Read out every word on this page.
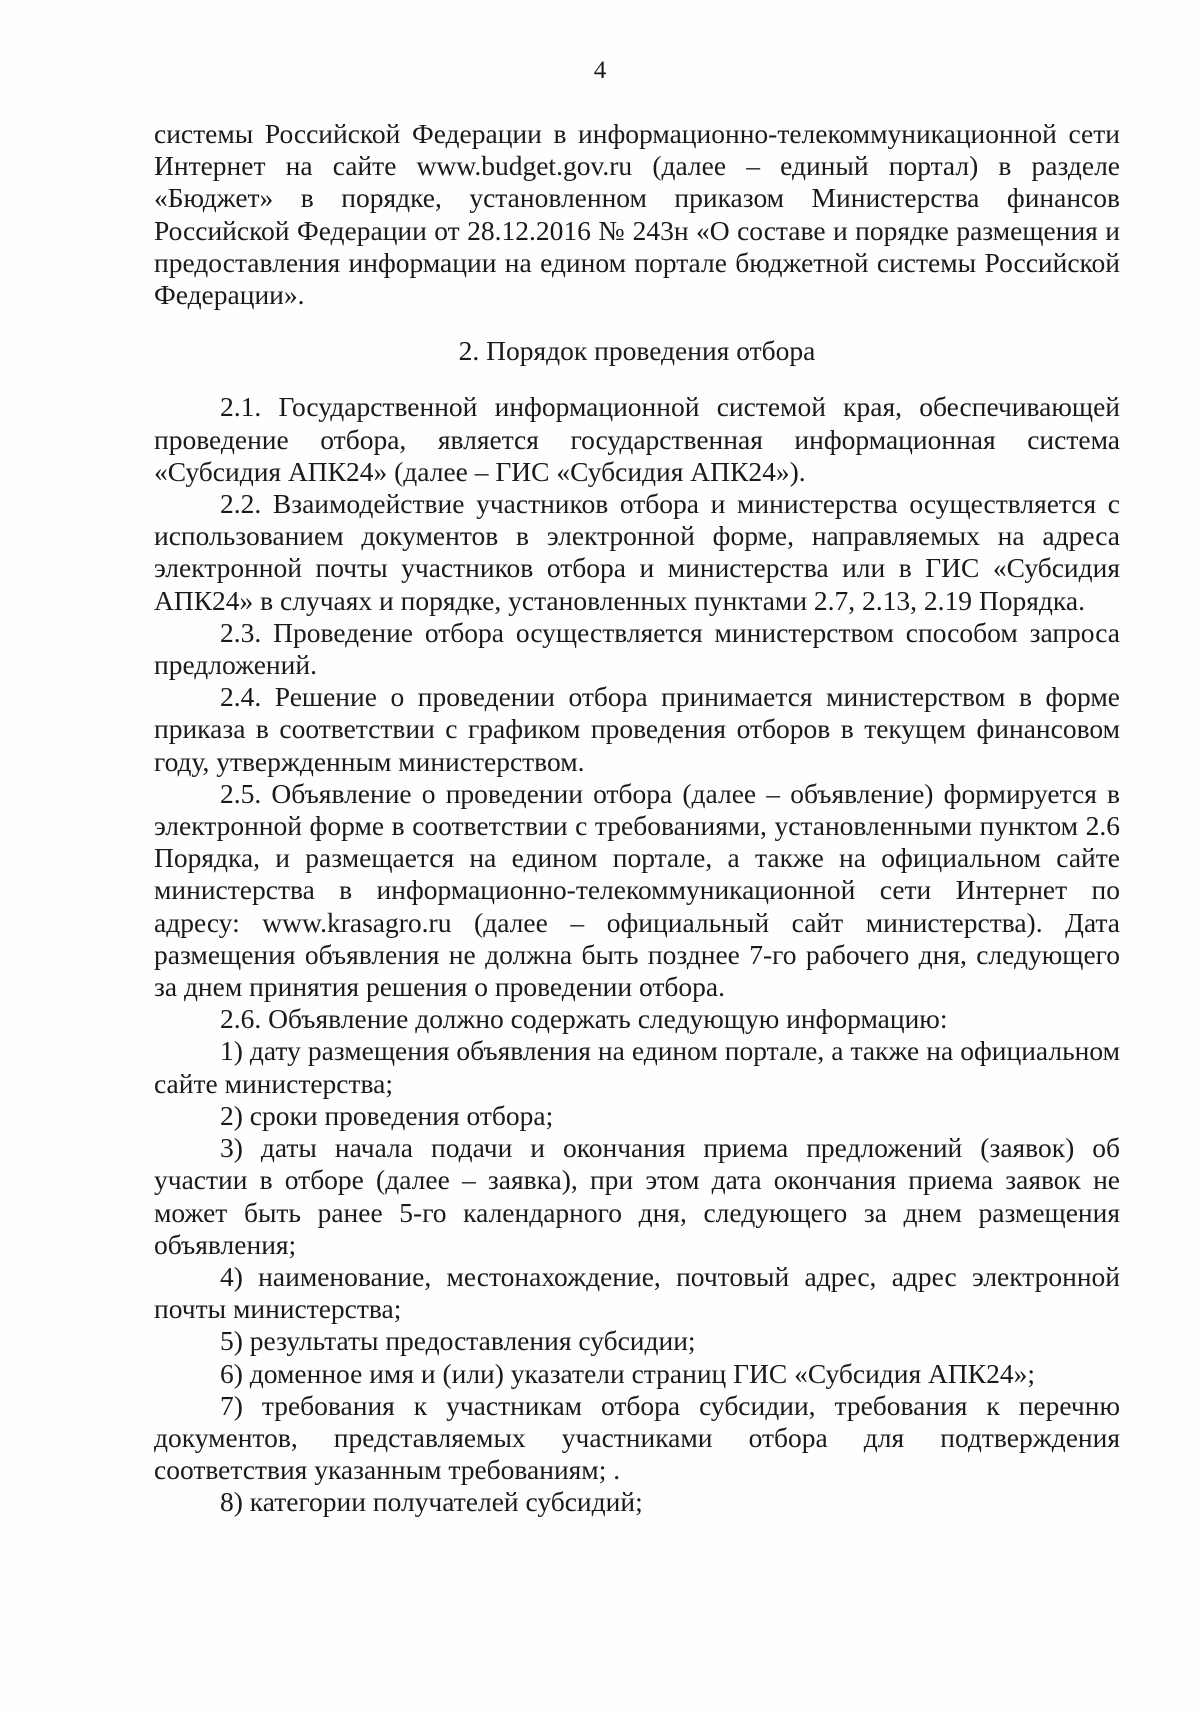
4

системы Российской Федерации в информационно-телекоммуникационной сети Интернет на сайте www.budget.gov.ru (далее – единый портал) в разделе «Бюджет» в порядке, установленном приказом Министерства финансов Российской Федерации от 28.12.2016 № 243н «О составе и порядке размещения и предоставления информации на едином портале бюджетной системы Российской Федерации».

2. Порядок проведения отбора

2.1. Государственной информационной системой края, обеспечивающей проведение отбора, является государственная информационная система «Субсидия АПК24» (далее – ГИС «Субсидия АПК24»).

2.2. Взаимодействие участников отбора и министерства осуществляется с использованием документов в электронной форме, направляемых на адреса электронной почты участников отбора и министерства или в ГИС «Субсидия АПК24» в случаях и порядке, установленных пунктами 2.7, 2.13, 2.19 Порядка.

2.3. Проведение отбора осуществляется министерством способом запроса предложений.

2.4. Решение о проведении отбора принимается министерством в форме приказа в соответствии с графиком проведения отборов в текущем финансовом году, утвержденным министерством.

2.5. Объявление о проведении отбора (далее – объявление) формируется в электронной форме в соответствии с требованиями, установленными пунктом 2.6 Порядка, и размещается на едином портале, а также на официальном сайте министерства в информационно-телекоммуникационной сети Интернет по адресу: www.krasagro.ru (далее – официальный сайт министерства). Дата размещения объявления не должна быть позднее 7-го рабочего дня, следующего за днем принятия решения о проведении отбора.

2.6. Объявление должно содержать следующую информацию:

1) дату размещения объявления на едином портале, а также на официальном сайте министерства;

2) сроки проведения отбора;

3) даты начала подачи и окончания приема предложений (заявок) об участии в отборе (далее – заявка), при этом дата окончания приема заявок не может быть ранее 5-го календарного дня, следующего за днем размещения объявления;

4) наименование, местонахождение, почтовый адрес, адрес электронной почты министерства;

5) результаты предоставления субсидии;

6) доменное имя и (или) указатели страниц ГИС «Субсидия АПК24»;

7) требования к участникам отбора субсидии, требования к перечню документов, представляемых участниками отбора для подтверждения соответствия указанным требованиям; .

8) категории получателей субсидий;
